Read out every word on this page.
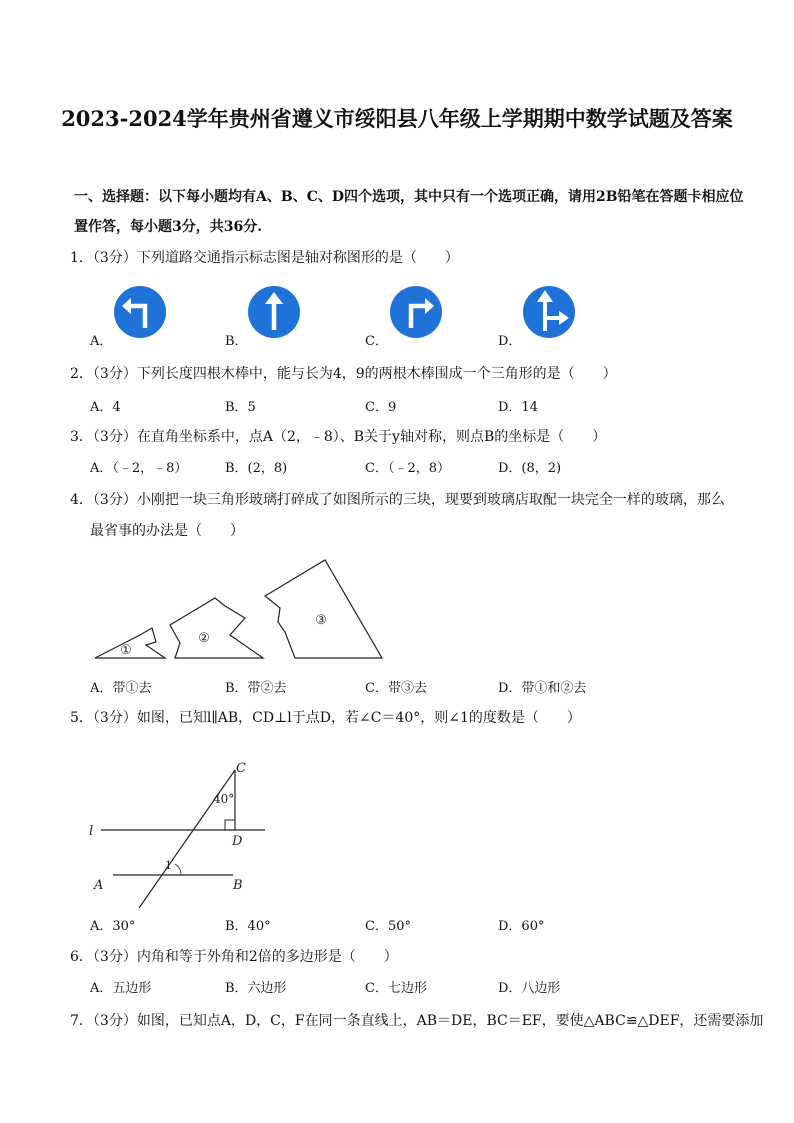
2023-2024学年贵州省遵义市绥阳县八年级上学期期中数学试题及答案
一、选择题：以下每小题均有A、B、C、D四个选项，其中只有一个选项正确，请用2B铅笔在答题卡相应位置作答，每小题3分，共36分.
1．（3分）下列道路交通指示标志图是轴对称图形的是（　　）
A．	B．	C．	D．
2．（3分）下列长度四根木棒中，能与长为4，9的两根木棒围成一个三角形的是（　　）
A．4	B．5	C．9	D．14
3．（3分）在直角坐标系中，点A（2，﹣8）、B关于y轴对称，则点B的坐标是（　　）
A．（﹣2，﹣8）	B．(2，8)	C．（﹣2，8）	D．(8，2)
4．（3分）小刚把一块三角形玻璃打碎成了如图所示的三块，现要到玻璃店取配一块完全一样的玻璃，那么
最省事的办法是（　　）
①
②
③
A．带①去	B．带②去	C．带③去	D．带①和②去
5．（3分）如图，已知l∥AB，CD⊥l于点D，若∠C＝40°，则∠1的度数是（　　）
C
40°
l
D
1
A	B
A．30°	B．40°	C．50°	D．60°
6．（3分）内角和等于外角和2倍的多边形是（　　）
A．五边形	B．六边形	C．七边形	D．八边形
7．（3分）如图，已知点A，D，C，F在同一条直线上，AB＝DE，BC＝EF，要使△ABC≌△DEF，还需要添加
